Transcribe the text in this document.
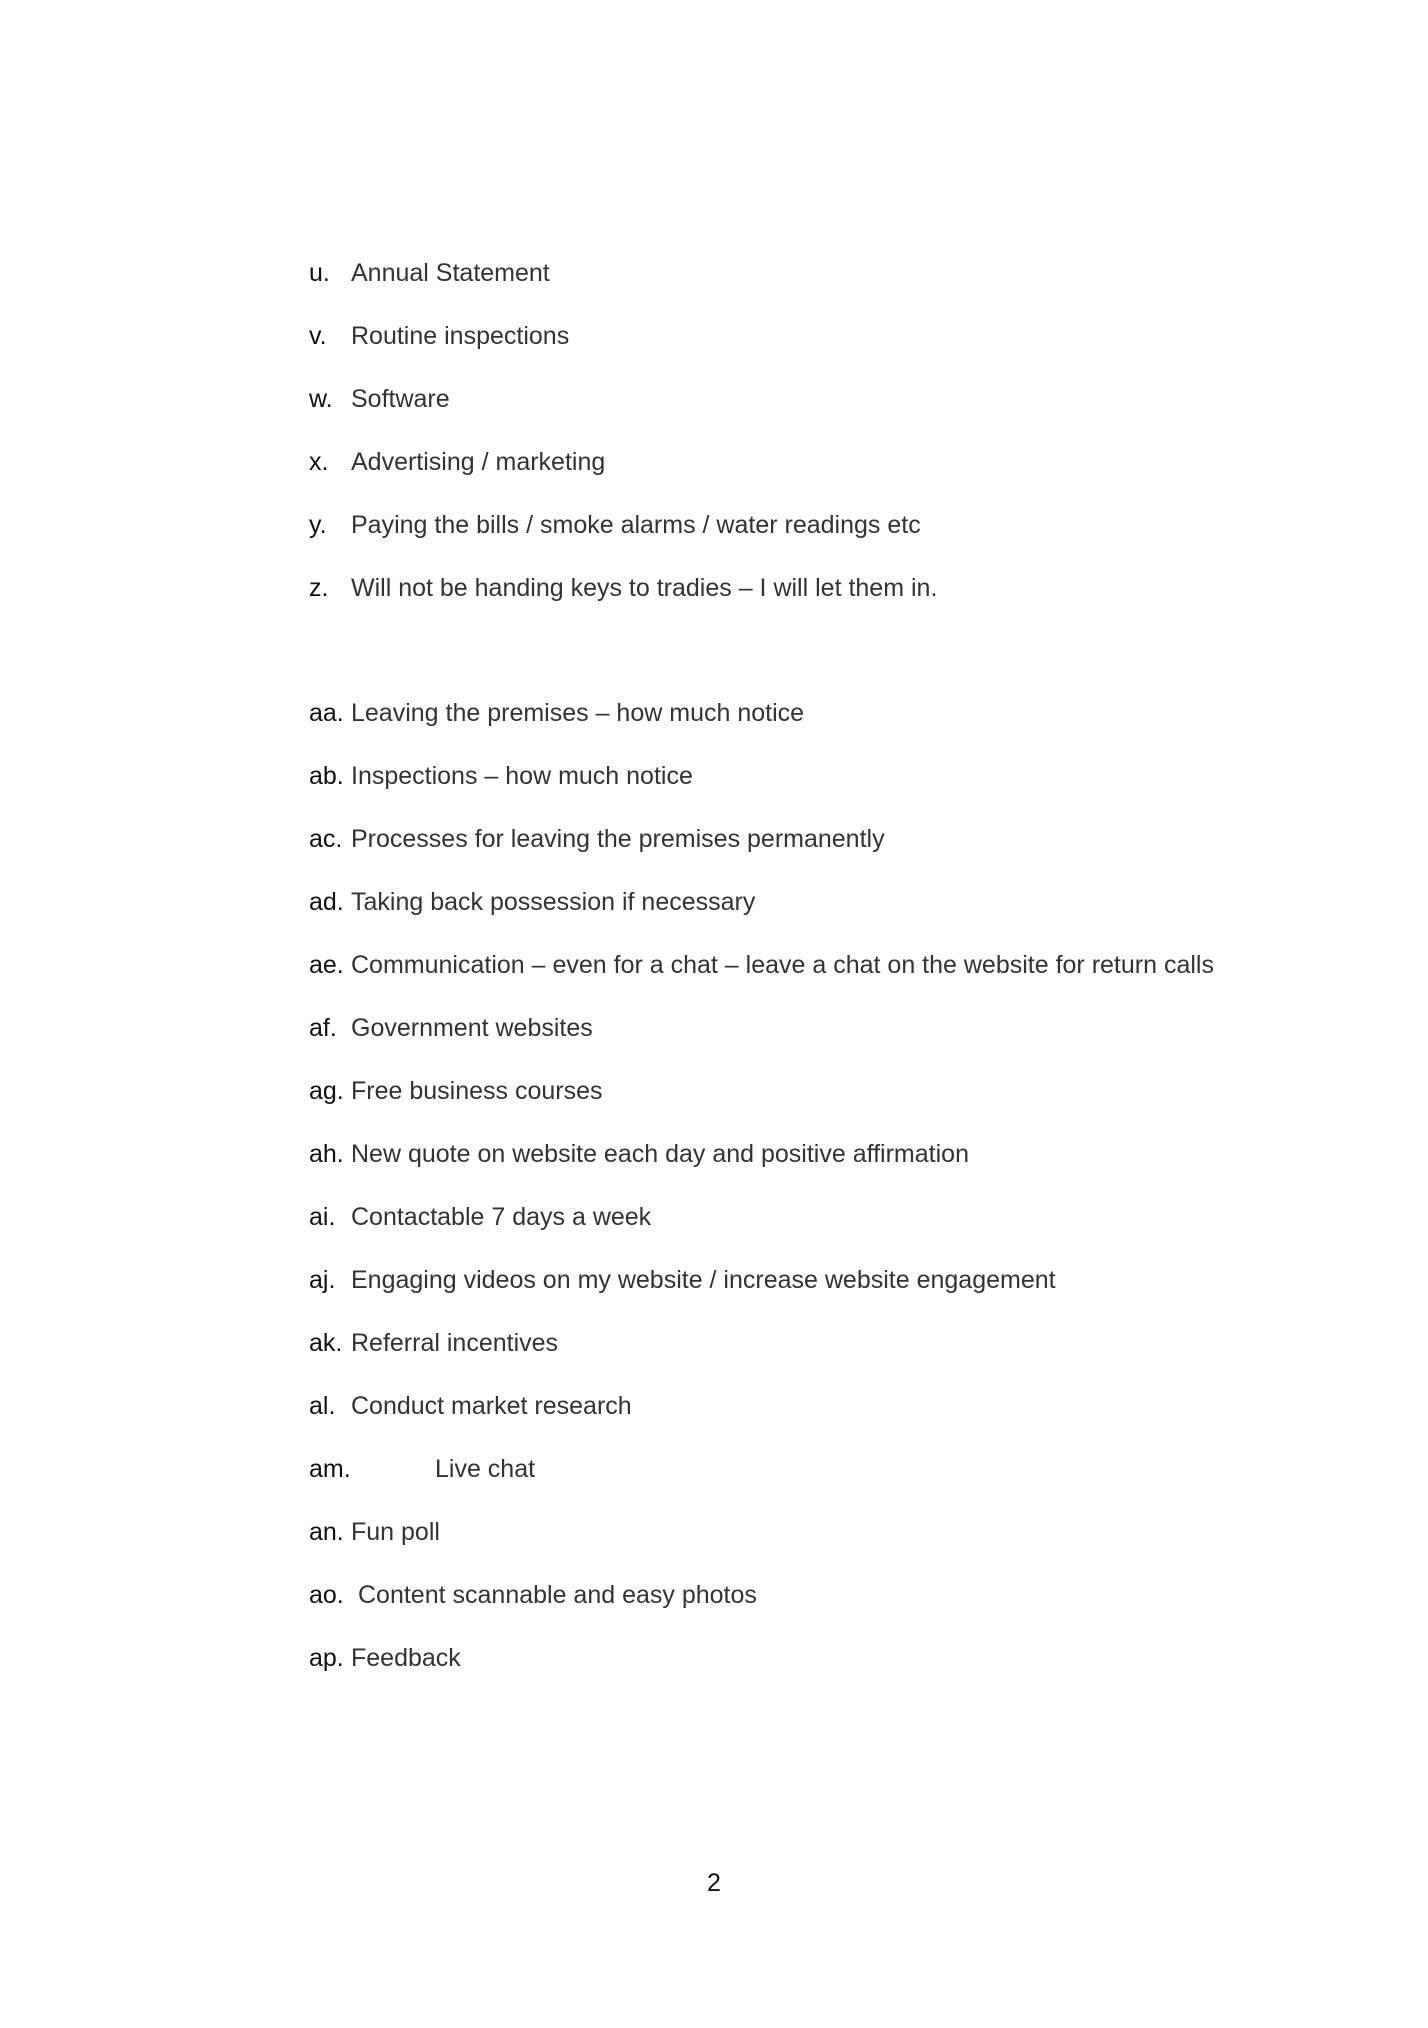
u. Annual Statement
v. Routine inspections
w. Software
x. Advertising / marketing
y. Paying the bills / smoke alarms / water readings etc
z. Will not be handing keys to tradies – I will let them in.
aa. Leaving the premises – how much notice
ab. Inspections – how much notice
ac. Processes for leaving the premises permanently
ad. Taking back possession if necessary
ae. Communication – even for a chat – leave a chat on the website for return calls
af. Government websites
ag. Free business courses
ah. New quote on website each day and positive affirmation
ai. Contactable 7 days a week
aj. Engaging videos on my website / increase website engagement
ak. Referral incentives
al. Conduct market research
am.	Live chat
an. Fun poll
ao. Content scannable and easy photos
ap. Feedback
2
